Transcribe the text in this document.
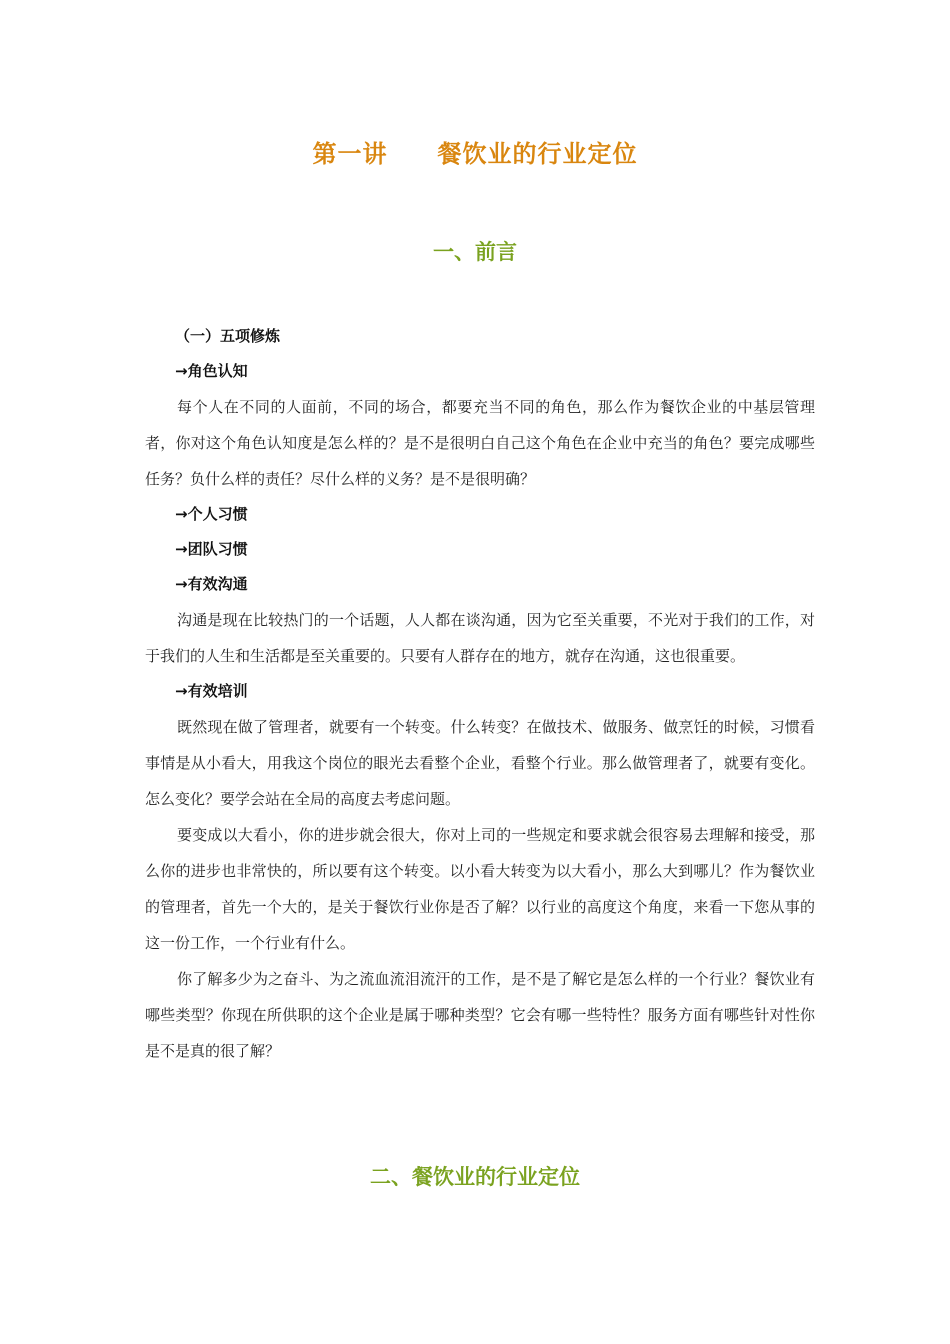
第一讲　　餐饮业的行业定位
一、前言
（一）五项修炼
→角色认知

每个人在不同的人面前，不同的场合，都要充当不同的角色，那么作为餐饮企业的中基层管理者，你对这个角色认知度是怎么样的？是不是很明白自己这个角色在企业中充当的角色？要完成哪些任务？负什么样的责任？尽什么样的义务？是不是很明确？

→个人习惯
→团队习惯
→有效沟通

沟通是现在比较热门的一个话题，人人都在谈沟通，因为它至关重要，不光对于我们的工作，对于我们的人生和生活都是至关重要的。只要有人群存在的地方，就存在沟通，这也很重要。

→有效培训

既然现在做了管理者，就要有一个转变。什么转变？在做技术、做服务、做烹饪的时候，习惯看事情是从小看大，用我这个岗位的眼光去看整个企业，看整个行业。那么做管理者了，就要有变化。怎么变化？要学会站在全局的高度去考虑问题。

要变成以大看小，你的进步就会很大，你对上司的一些规定和要求就会很容易去理解和接受，那么你的进步也非常快的，所以要有这个转变。以小看大转变为以大看小，那么大到哪儿？作为餐饮业的管理者，首先一个大的，是关于餐饮行业你是否了解？以行业的高度这个角度，来看一下您从事的这一份工作，一个行业有什么。

你了解多少为之奋斗、为之流血流泪流汗的工作，是不是了解它是怎么样的一个行业？餐饮业有哪些类型？你现在所供职的这个企业是属于哪种类型？它会有哪一些特性？服务方面有哪些针对性你是不是真的很了解？

二、餐饮业的行业定位
